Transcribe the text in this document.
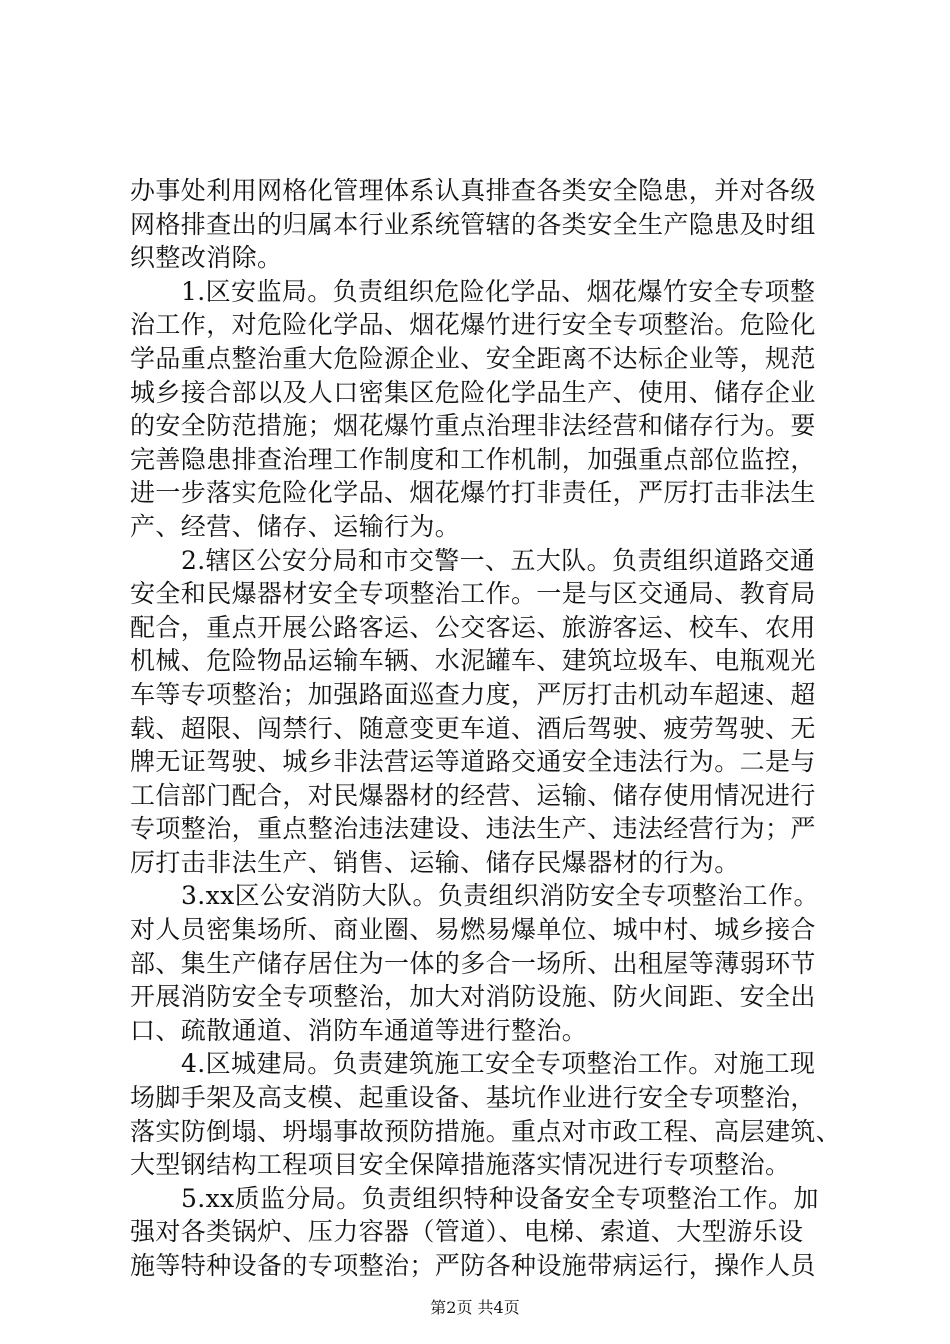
办事处利用网格化管理体系认真排查各类安全隐患，并对各级
网格排查出的归属本行业系统管辖的各类安全生产隐患及时组
织整改消除。
1.区安监局。负责组织危险化学品、烟花爆竹安全专项整
治工作，对危险化学品、烟花爆竹进行安全专项整治。危险化
学品重点整治重大危险源企业、安全距离不达标企业等，规范
城乡接合部以及人口密集区危险化学品生产、使用、储存企业
的安全防范措施；烟花爆竹重点治理非法经营和储存行为。要
完善隐患排查治理工作制度和工作机制，加强重点部位监控，
进一步落实危险化学品、烟花爆竹打非责任，严厉打击非法生
产、经营、储存、运输行为。
2.辖区公安分局和市交警一、五大队。负责组织道路交通
安全和民爆器材安全专项整治工作。一是与区交通局、教育局
配合，重点开展公路客运、公交客运、旅游客运、校车、农用
机械、危险物品运输车辆、水泥罐车、建筑垃圾车、电瓶观光
车等专项整治；加强路面巡查力度，严厉打击机动车超速、超
载、超限、闯禁行、随意变更车道、酒后驾驶、疲劳驾驶、无
牌无证驾驶、城乡非法营运等道路交通安全违法行为。二是与
工信部门配合，对民爆器材的经营、运输、储存使用情况进行
专项整治，重点整治违法建设、违法生产、违法经营行为；严
厉打击非法生产、销售、运输、储存民爆器材的行为。
3.xx区公安消防大队。负责组织消防安全专项整治工作。
对人员密集场所、商业圈、易燃易爆单位、城中村、城乡接合
部、集生产储存居住为一体的多合一场所、出租屋等薄弱环节
开展消防安全专项整治，加大对消防设施、防火间距、安全出
口、疏散通道、消防车通道等进行整治。
4.区城建局。负责建筑施工安全专项整治工作。对施工现
场脚手架及高支模、起重设备、基坑作业进行安全专项整治，
落实防倒塌、坍塌事故预防措施。重点对市政工程、高层建筑、
大型钢结构工程项目安全保障措施落实情况进行专项整治。
5.xx质监分局。负责组织特种设备安全专项整治工作。加
强对各类锅炉、压力容器（管道）、电梯、索道、大型游乐设
施等特种设备的专项整治；严防各种设施带病运行，操作人员
第2页 共4页
